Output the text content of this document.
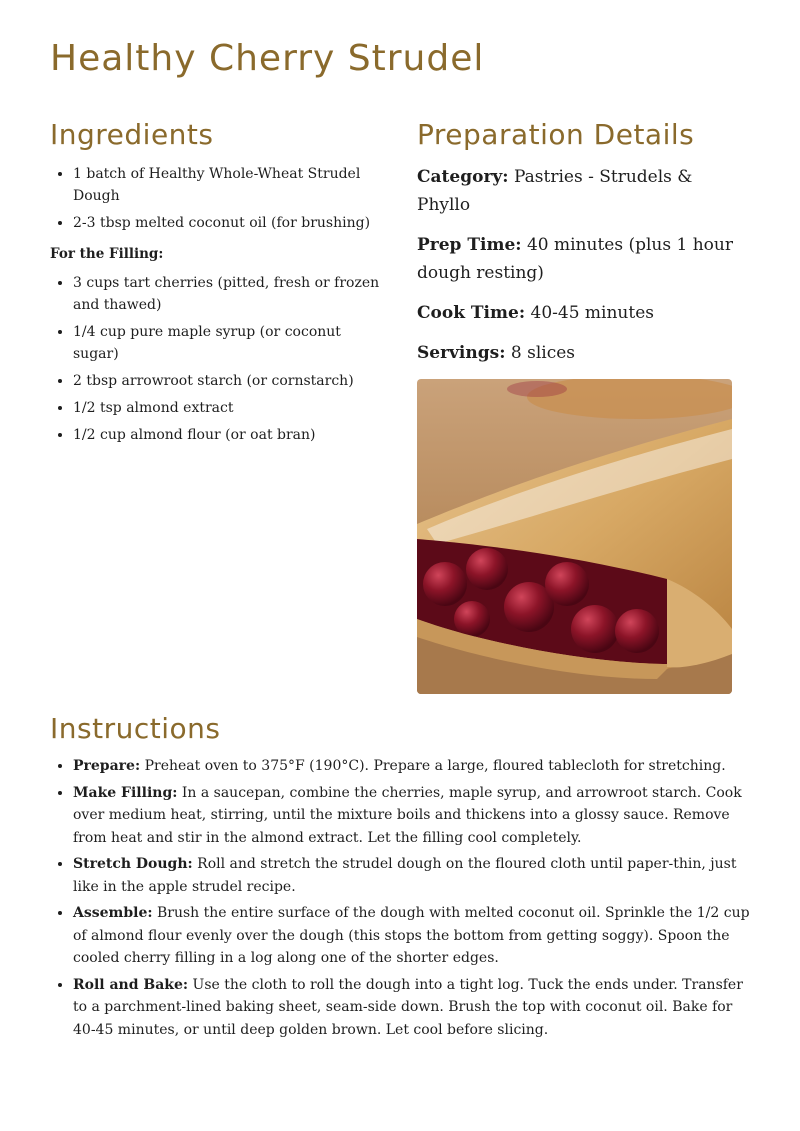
Healthy Cherry Strudel
Ingredients
• 1 batch of Healthy Whole-Wheat Strudel Dough
• 2-3 tbsp melted coconut oil (for brushing)
For the Filling:
• 3 cups tart cherries (pitted, fresh or frozen and thawed)
• 1/4 cup pure maple syrup (or coconut sugar)
• 2 tbsp arrowroot starch (or cornstarch)
• 1/2 tsp almond extract
• 1/2 cup almond flour (or oat bran)
Preparation Details

Category: Pastries - Strudels & Phyllo

Prep Time: 40 minutes (plus 1 hour dough resting)

Cook Time: 40-45 minutes

Servings: 8 slices

Instructions
• Prepare: Preheat oven to 375°F (190°C). Prepare a large, floured tablecloth for stretching.
• Make Filling: In a saucepan, combine the cherries, maple syrup, and arrowroot starch. Cook over medium heat, stirring, until the mixture boils and thickens into a glossy sauce. Remove from heat and stir in the almond extract. Let the filling cool completely.
• Stretch Dough: Roll and stretch the strudel dough on the floured cloth until paper-thin, just like in the apple strudel recipe.
• Assemble: Brush the entire surface of the dough with melted coconut oil. Sprinkle the 1/2 cup of almond flour evenly over the dough (this stops the bottom from getting soggy). Spoon the cooled cherry filling in a log along one of the shorter edges.
• Roll and Bake: Use the cloth to roll the dough into a tight log. Tuck the ends under. Transfer to a parchment-lined baking sheet, seam-side down. Brush the top with coconut oil. Bake for 40-45 minutes, or until deep golden brown. Let cool before slicing.
